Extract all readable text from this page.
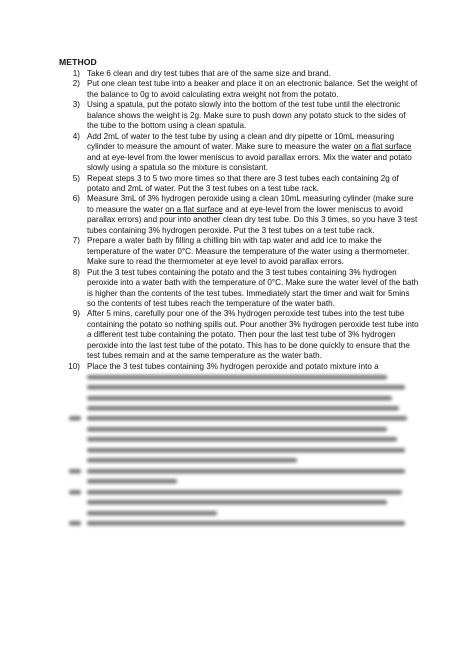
METHOD
1) Take 6 clean and dry test tubes that are of the same size and brand.
2) Put one clean test tube into a beaker and place it on an electronic balance. Set the weight of the balance to 0g to avoid calculating extra weight not from the potato.
3) Using a spatula, put the potato slowly into the bottom of the test tube until the electronic balance shows the weight is 2g. Make sure to push down any potato stuck to the sides of the tube to the bottom using a clean spatula.
4) Add 2mL of water to the test tube by using a clean and dry pipette or 10mL measuring cylinder to measure the amount of water. Make sure to measure the water on a flat surface and at eye-level from the lower meniscus to avoid parallax errors. Mix the water and potato slowly using a spatula so the mixture is consistant.
5) Repeat steps 3 to 5 two more times so that there are 3 test tubes each containing 2g of potato and 2mL of water. Put the 3 test tubes on a test tube rack.
6) Measure 3mL of 3% hydrogen peroxide using a clean 10mL measuring cylinder (make sure to measure the water on a flat surface and at eye-level from the lower meniscus to avoid parallax errors) and pour into another clean dry test tube. Do this 3 times, so you have 3 test tubes containing 3% hydrogen peroxide. Put the 3 test tubes on a test tube rack.
7) Prepare a water bath by filling a chilling bin with tap water and add ice to make the temperature of the water 0°C. Measure the temperature of the water using a thermometer. Make sure to read the thermometer at eye level to avoid parallax errors.
8) Put the 3 test tubes containing the potato and the 3 test tubes containing 3% hydrogen peroxide into a water bath with the temperature of 0°C. Make sure the water level of the bath is higher than the contents of the test tubes. Immediately start the timer and wait for 5mins so the contents of test tubes reach the temperature of the water bath.
9) After 5 mins, carefully pour one of the 3% hydrogen peroxide test tubes into the test tube containing the potato so nothing spills out. Pour another 3% hydrogen peroxide test tube into a different test tube containing the potato. Then pour the last test tube of 3% hydrogen peroxide into the last test tube of the potato. This has to be done quickly to ensure that the test tubes remain and at the same temperature as the water bath.
10) Place the 3 test tubes containing 3% hydrogen peroxide and potato mixture into a
